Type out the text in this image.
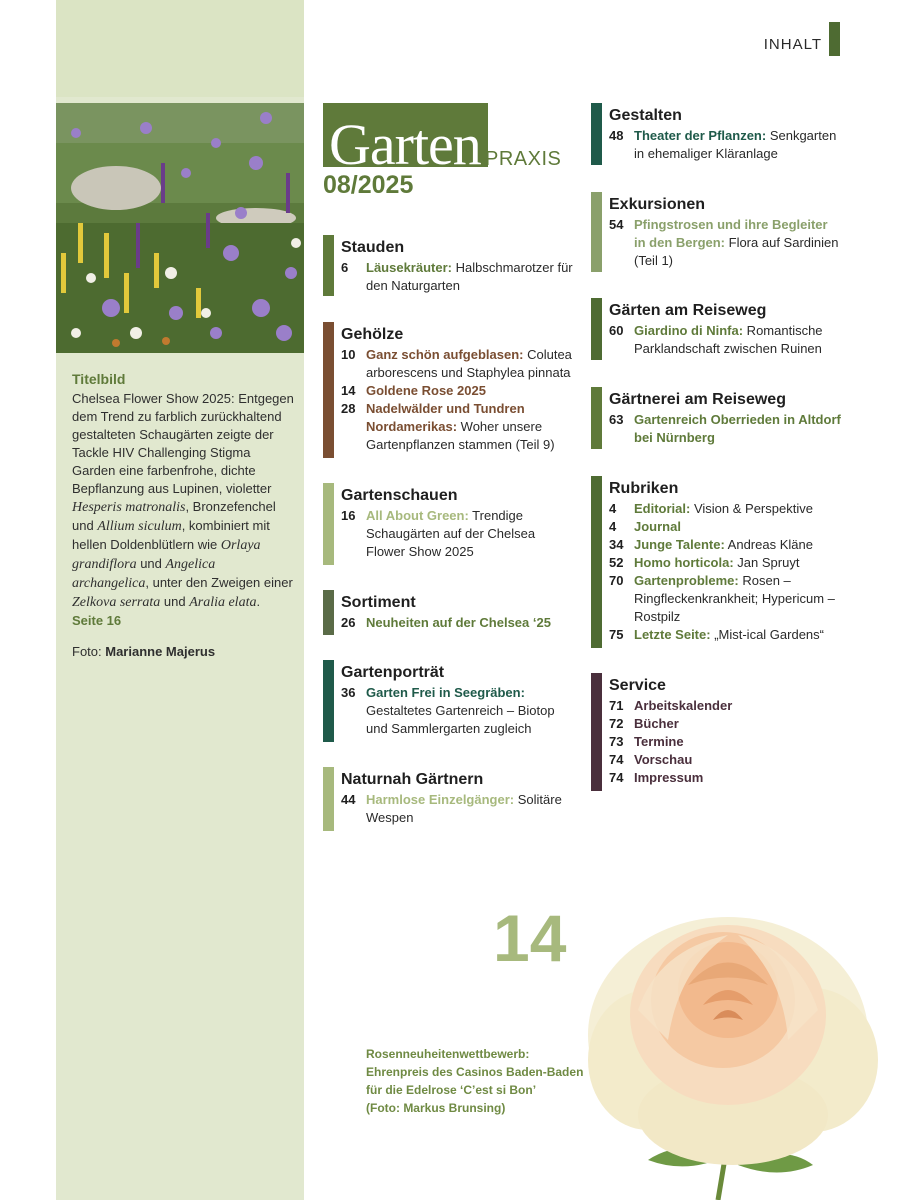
Titelbild

Chelsea Flower Show 2025: Entgegen dem Trend zu farblich zurückhaltend gestalteten Schaugärten zeigte der Tackle HIV Challenging Stigma Garden eine farbenfrohe, dichte Bepflanzung aus Lupinen, violetter Hesperis matronalis, Bronzefenchel und Allium siculum, kombiniert mit hellen Doldenblütlern wie Orlaya grandiflora und Angelica archangelica, unter den Zweigen einer Zelkova serrata und Aralia elata.

Seite 16

Foto: Marianne Majerus
INHALT
Garten PRAXIS
08/2025
Stauden
6	Läusekräuter: Halbschmarotzer für den Naturgarten
Gehölze
10 Ganz schön aufgeblasen: Colutea arborescens und Staphylea pinnata
14 Goldene Rose 2025
28 Nadelwälder und Tundren Nordamerikas: Woher unsere Gartenpflanzen stammen (Teil 9)
Gartenschauen
16 All About Green: Trendige Schaugärten auf der Chelsea Flower Show 2025
Sortiment
26 Neuheiten auf der Chelsea ‘25
Gartenporträt
36 Garten Frei in Seegräben: Gestaltetes Gartenreich – Biotop und Sammlergarten zugleich
Naturnah Gärtnern
44 Harmlose Einzelgänger: Solitäre Wespen
Gestalten
48 Theater der Pflanzen: Senkgarten in ehemaliger Kläranlage
Exkursionen
54 Pfingstrosen und ihre Begleiter in den Bergen: Flora auf Sardinien (Teil 1)
Gärten am Reiseweg
60 Giardino di Ninfa: Romantische Parklandschaft zwischen Ruinen
Gärtnerei am Reiseweg
63 Gartenreich Oberrieden in Altdorf bei Nürnberg
Rubriken
4	Editorial: Vision & Perspektive
4	Journal
34 Junge Talente: Andreas Kläne
52 Homo horticola: Jan Spruyt
70 Gartenprobleme: Rosen – Ringfleckenkrankheit; Hypericum – Rostpilz
75 Letzte Seite: „Mist-ical Gardens“
Service
71 Arbeitskalender
72 Bücher
73 Termine
74 Vorschau
74 Impressum
14
Rosenneuheitenwettbewerb:
Ehrenpreis des Casinos Baden-Baden
für die Edelrose ‘C’est si Bon’
(Foto: Markus Brunsing)
